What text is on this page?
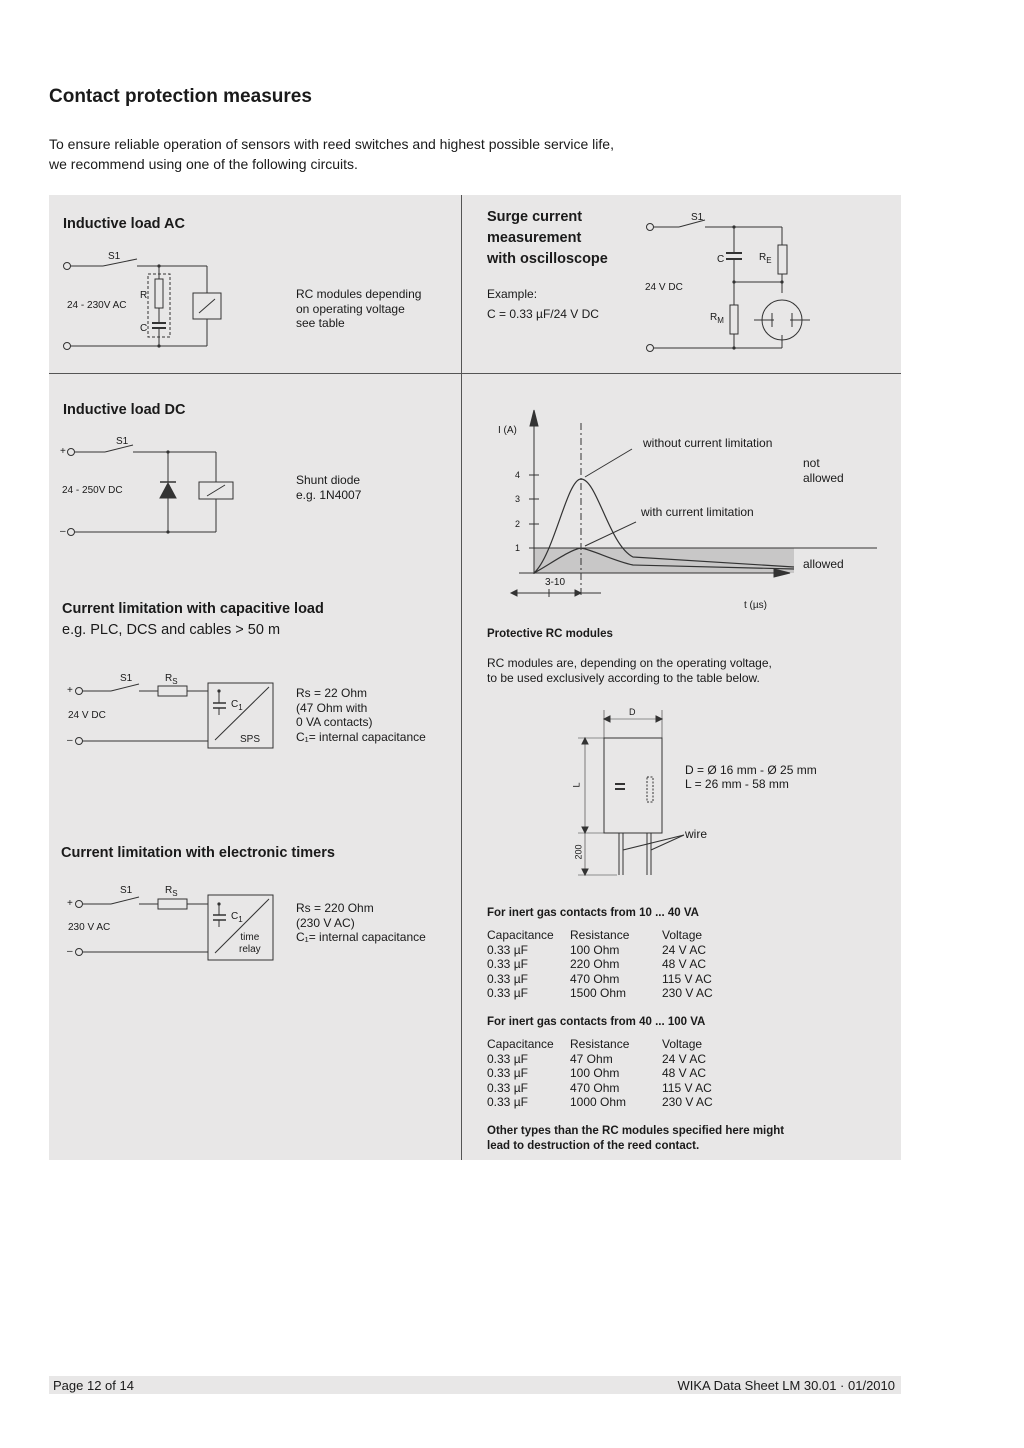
Contact protection measures
To ensure reliable operation of sensors with reed switches and highest possible service life,
we recommend using one of the following circuits.
Inductive load AC
S1
24 - 230V AC
R
C
RC modules depending
on operating voltage
see table
Surge current
measurement
with oscilloscope
Example:
C = 0.33 µF/24 V DC
S1
C	$R_E$
24 V DC
$R_M$
Inductive load DC
S1
+
–
24 - 250V DC
Shunt diode
e.g. 1N4007
I (A)
4
3
2
1
without current limitation
with current limitation
not
allowed
allowed
3-10
t (µs)
Current limitation with capacitive load
e.g. PLC, DCS and cables > 50 m
S1	$R_S$
$C_1$
SPS
+
–
24 V DC
Rs = 22 Ohm
(47 Ohm with
0 VA contacts)
C₁= internal capacitance
Protective RC modules
RC modules are, depending on the operating voltage,
to be used exclusively according to the table below.
D
L
200
D = Ø 16 mm - Ø 25 mm
L = 26 mm - 58 mm
wire
Current limitation with electronic timers
S1	$R_S$
$C_1$
time
relay
+
–
230 V AC
Rs = 220 Ohm
(230 V AC)
C₁= internal capacitance
For inert gas contacts from 10 ... 40 VA
Capacitance	Resistance	Voltage
0.33 µF	100 Ohm	24 V AC
0.33 µF	220 Ohm	48 V AC
0.33 µF	470 Ohm	115 V AC
0.33 µF	1500 Ohm	230 V AC
For inert gas contacts from 40 ... 100 VA
Capacitance	Resistance	Voltage
0.33 µF	47 Ohm	24 V AC
0.33 µF	100 Ohm	48 V AC
0.33 µF	470 Ohm	115 V AC
0.33 µF	1000 Ohm	230 V AC
Other types than the RC modules specified here might
lead to destruction of the reed contact.
Page 12 of 14	WIKA Data Sheet LM 30.01 · 01/2010
